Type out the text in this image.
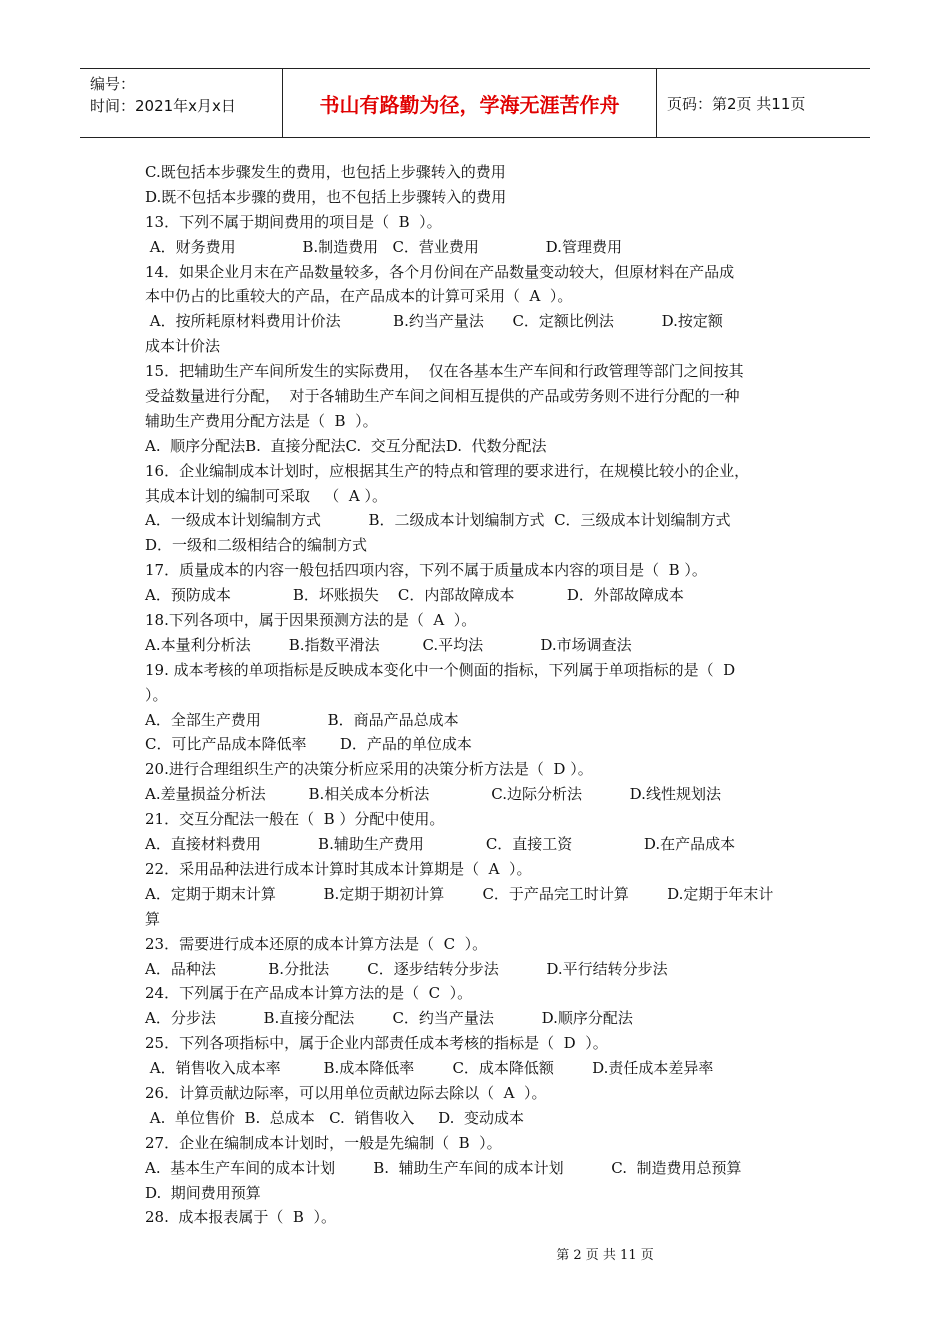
编号：
时间：2021年x月x日	书山有路勤为径，学海无涯苦作舟	页码：第2页 共11页
C.既包括本步骤发生的费用，也包括上步骤转入的费用
D.既不包括本步骤的费用，也不包括上步骤转入的费用
13．下列不属于期间费用的项目是（  B  ）。
A．财务费用              B.制造费用   C．营业费用              D.管理费用
14．如果企业月末在产品数量较多，各个月份间在产品数量变动较大，但原材料在产品成
本中仍占的比重较大的产品，在产品成本的计算可采用（  A  ）。
A．按所耗原材料费用计价法           B.约当产量法      C．定额比例法          D.按定额
成本计价法
15．把辅助生产车间所发生的实际费用，  仅在各基本生产车间和行政管理等部门之间按其
受益数量进行分配，  对于各辅助生产车间之间相互提供的产品或劳务则不进行分配的一种
辅助生产费用分配方法是（  B  ）。
A.  顺序分配法B.  直接分配法C.  交互分配法D.  代数分配法
16．企业编制成本计划时，应根据其生产的特点和管理的要求进行，在规模比较小的企业，
其成本计划的编制可采取   （  A ）。
A．一级成本计划编制方式          B．二级成本计划编制方式  C．三级成本计划编制方式
D．一级和二级相结合的编制方式
17．质量成本的内容一般包括四项内容，下列不属于质量成本内容的项目是（  B ）。
A．预防成本             B．坏账损失    C．内部故障成本           D．外部故障成本
18.下列各项中，属于因果预测方法的是（  A  ）。
A.本量利分析法        B.指数平滑法         C.平均法            D.市场调查法
19. 成本考核的单项指标是反映成本变化中一个侧面的指标，下列属于单项指标的是（  D
）。
A．全部生产费用              B．商品产品总成本
C．可比产品成本降低率       D．产品的单位成本
20.进行合理组织生产的决策分析应采用的决策分析方法是（  D ）。
A.差量损益分析法         B.相关成本分析法             C.边际分析法          D.线性规划法
21．交互分配法一般在（  B ）分配中使用。
A．直接材料费用            B.辅助生产费用             C．直接工资               D.在产品成本
22．采用品种法进行成本计算时其成本计算期是（  A  ）。
A．定期于期末计算          B.定期于期初计算        C．于产品完工时计算        D.定期于年末计
算
23．需要进行成本还原的成本计算方法是（  C  ）。
A．品种法           B.分批法        C．逐步结转分步法          D.平行结转分步法
24．下列属于在产品成本计算方法的是（  C  ）。
A．分步法          B.直接分配法        C．约当产量法          D.顺序分配法
25．下列各项指标中，属于企业内部责任成本考核的指标是（  D  ）。
A．销售收入成本率         B.成本降低率        C．成本降低额        D.责任成本差异率
26．计算贡献边际率，可以用单位贡献边际去除以（  A  ）。
A.  单位售价  B.  总成本   C.  销售收入     D.  变动成本
27．企业在编制成本计划时，一般是先编制（  B  ）。
A.  基本生产车间的成本计划        B.  辅助生产车间的成本计划          C.  制造费用总预算
D.  期间费用预算
28.  成本报表属于（  B  ）。
第 2 页 共 11 页
